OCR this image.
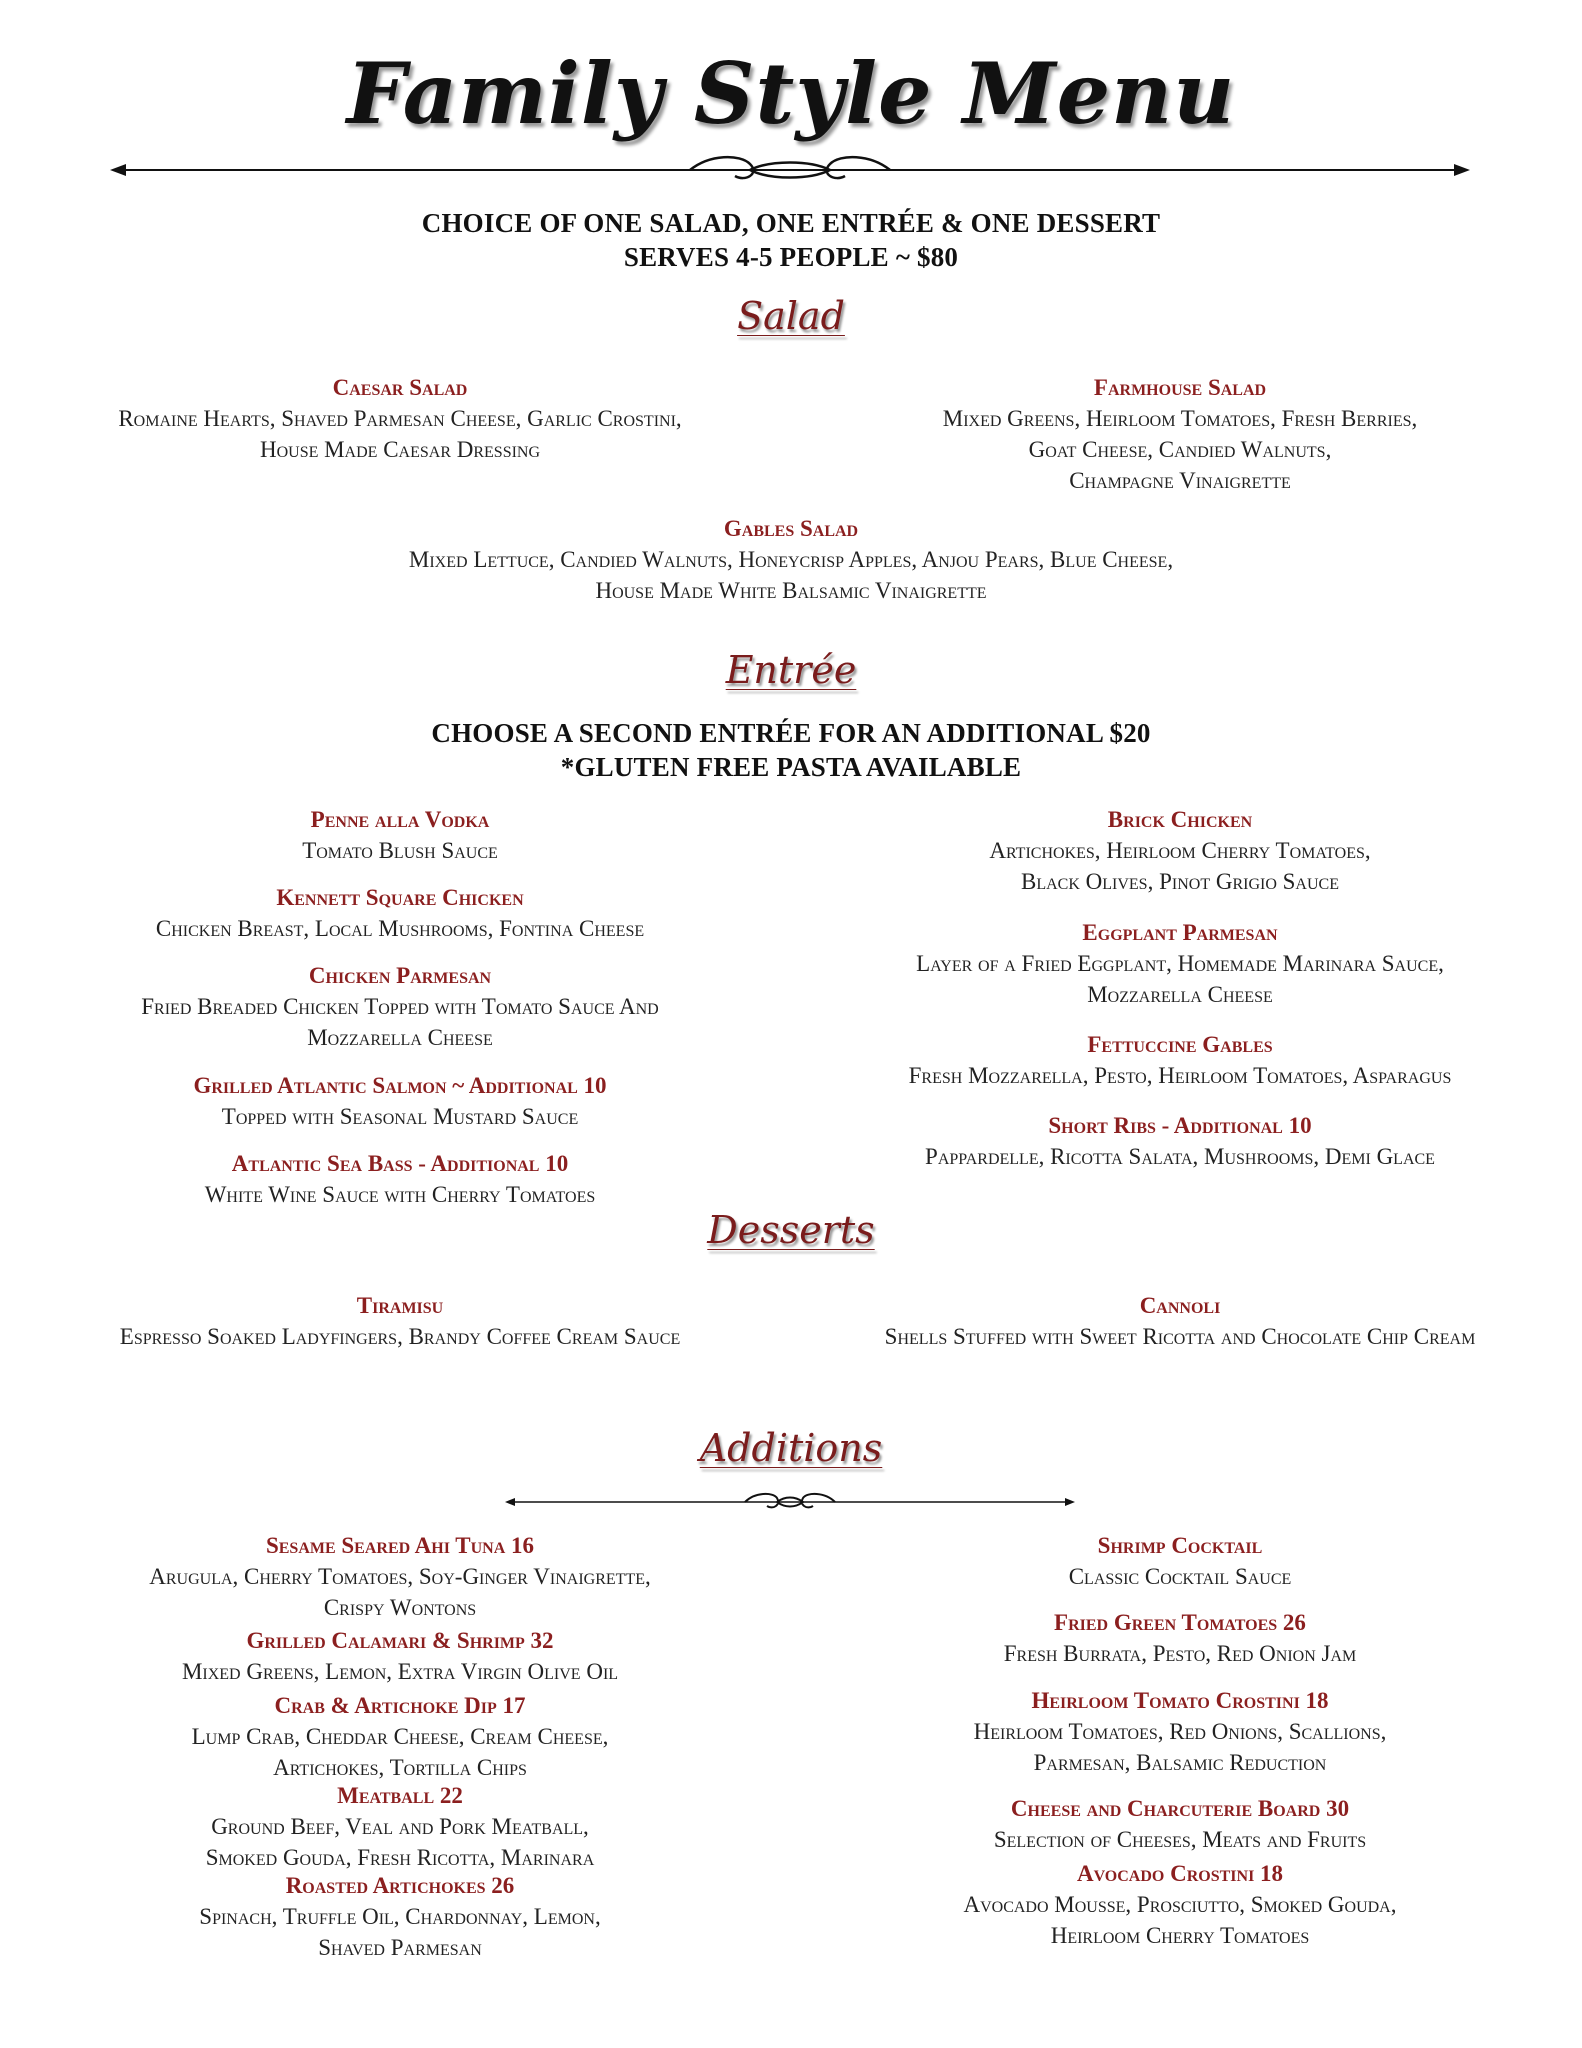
Family Style Menu
CHOICE OF ONE SALAD, ONE ENTRÉE & ONE DESSERT
SERVES 4-5 PEOPLE ~ $80
Salad
Caesar Salad
Romaine Hearts, Shaved Parmesan Cheese, Garlic Crostini,
House Made Caesar Dressing
Farmhouse Salad
Mixed Greens, Heirloom Tomatoes, Fresh Berries,
Goat Cheese, Candied Walnuts,
Champagne Vinaigrette
Gables Salad
Mixed Lettuce, Candied Walnuts, Honeycrisp Apples, Anjou Pears, Blue Cheese,
House Made White Balsamic Vinaigrette
Entrée
CHOOSE A SECOND ENTRÉE FOR AN ADDITIONAL $20
*GLUTEN FREE PASTA AVAILABLE
Penne alla Vodka
Tomato Blush Sauce
Kennett Square Chicken
Chicken Breast, Local Mushrooms, Fontina Cheese
Chicken Parmesan
Fried Breaded Chicken Topped with Tomato Sauce And
Mozzarella Cheese
Grilled Atlantic Salmon ~ Additional 10
Topped with Seasonal Mustard Sauce
Atlantic Sea Bass - Additional 10
White Wine Sauce with Cherry Tomatoes
Brick Chicken
Artichokes, Heirloom Cherry Tomatoes,
Black Olives, Pinot Grigio Sauce
Eggplant Parmesan
Layer of a Fried Eggplant, Homemade Marinara Sauce,
Mozzarella Cheese
Fettuccine Gables
Fresh Mozzarella, Pesto, Heirloom Tomatoes, Asparagus
Short Ribs - Additional 10
Pappardelle, Ricotta Salata, Mushrooms, Demi Glace
Desserts
Tiramisu
Espresso Soaked Ladyfingers, Brandy Coffee Cream Sauce
Cannoli
Shells Stuffed with Sweet Ricotta and Chocolate Chip Cream
Additions
Sesame Seared Ahi Tuna 16
Arugula, Cherry Tomatoes, Soy-Ginger Vinaigrette,
Crispy Wontons
Grilled Calamari & Shrimp 32
Mixed Greens, Lemon, Extra Virgin Olive Oil
Crab & Artichoke Dip 17
Lump Crab, Cheddar Cheese, Cream Cheese,
Artichokes, Tortilla Chips
Meatball 22
Ground Beef, Veal and Pork Meatball,
Smoked Gouda, Fresh Ricotta, Marinara
Roasted Artichokes 26
Spinach, Truffle Oil, Chardonnay, Lemon,
Shaved Parmesan
Shrimp Cocktail
Classic Cocktail Sauce
Fried Green Tomatoes 26
Fresh Burrata, Pesto, Red Onion Jam
Heirloom Tomato Crostini 18
Heirloom Tomatoes, Red Onions, Scallions,
Parmesan, Balsamic Reduction
Cheese and Charcuterie Board 30
Selection of Cheeses, Meats and Fruits
Avocado Crostini 18
Avocado Mousse, Prosciutto, Smoked Gouda,
Heirloom Cherry Tomatoes
